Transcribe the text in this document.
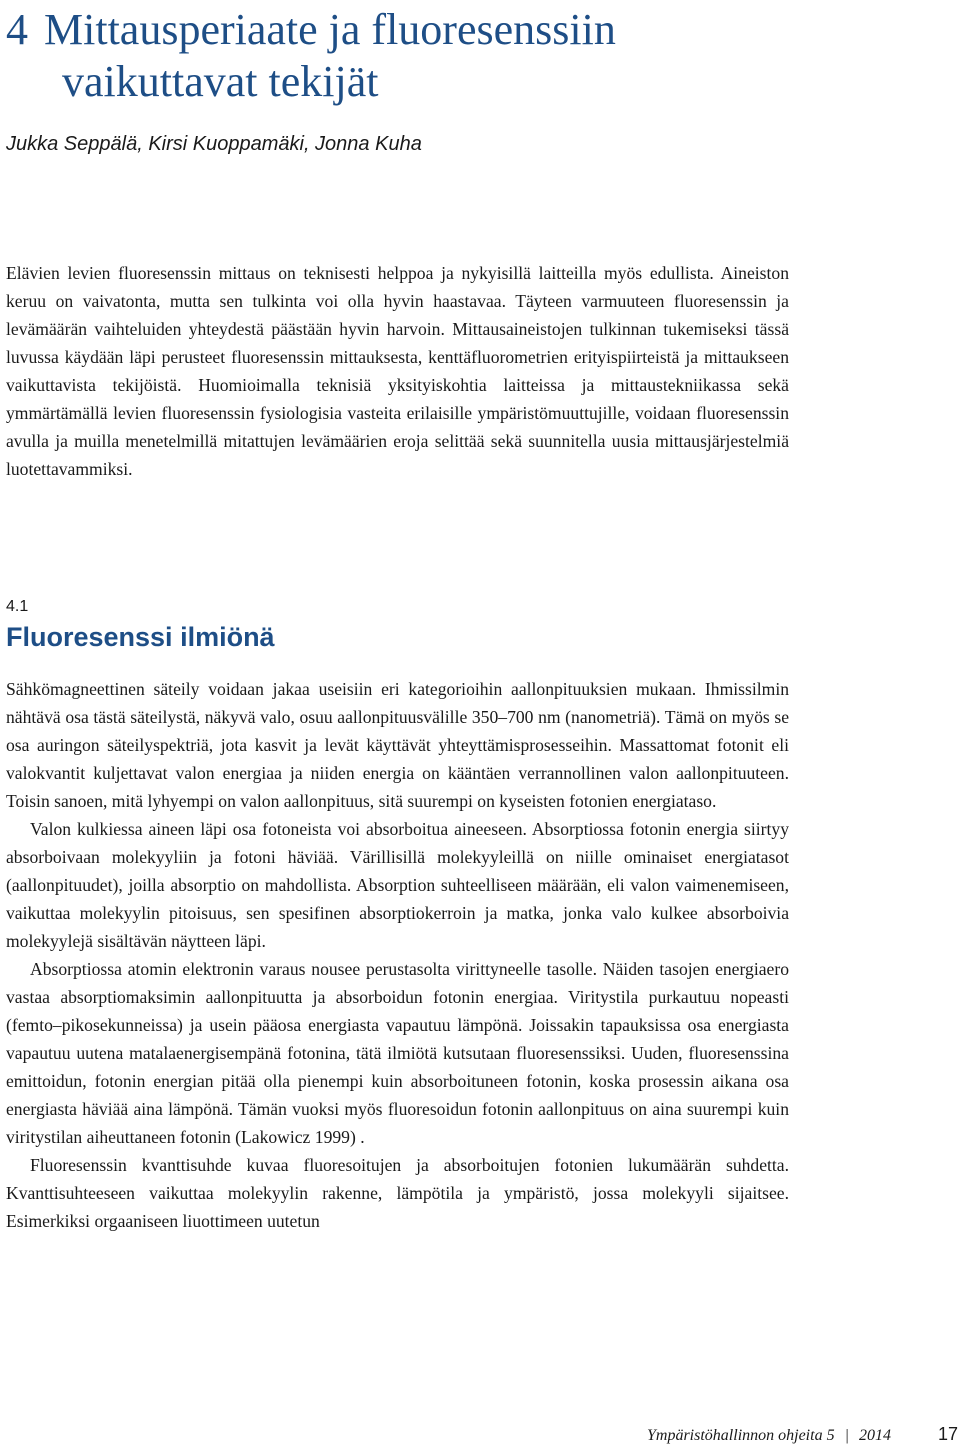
4 Mittausperiaate ja fluoresenssiin
vaikuttavat tekijät
Jukka Seppälä, Kirsi Kuoppamäki, Jonna Kuha

Elävien levien fluoresenssin mittaus on teknisesti helppoa ja nykyisillä laitteilla myös edullista. Aineiston keruu on vaivatonta, mutta sen tulkinta voi olla hyvin haastavaa. Täyteen varmuuteen fluoresenssin ja levämäärän vaihteluiden yhteydestä päästään hyvin harvoin. Mittausaineistojen tulkinnan tukemiseksi tässä luvussa käydään läpi perusteet fluoresenssin mittauksesta, kenttäfluorometrien erityispiirteistä ja mittaukseen vaikuttavista tekijöistä. Huomioimalla teknisiä yksityiskohtia laitteissa ja mittaustekniikassa sekä ymmärtämällä levien fluoresenssin fysiologisia vasteita erilaisille ympäristömuuttujille, voidaan fluoresenssin avulla ja muilla menetelmillä mitattujen levämäärien eroja selittää sekä suunnitella uusia mittausjärjestelmiä luotettavammiksi.

4.1
Fluoresenssi ilmiönä

Sähkömagneettinen säteily voidaan jakaa useisiin eri kategorioihin aallonpituuksien mukaan. Ihmissilmin nähtävä osa tästä säteilystä, näkyvä valo, osuu aallonpituusvälille 350–700 nm (nanometriä). Tämä on myös se osa auringon säteilyspektriä, jota kasvit ja levät käyttävät yhteyttämisprosesseihin. Massattomat fotonit eli valokvantit kuljettavat valon energiaa ja niiden energia on kääntäen verrannollinen valon aallonpituuteen. Toisin sanoen, mitä lyhyempi on valon aallonpituus, sitä suurempi on kyseisten fotonien energiataso.

Valon kulkiessa aineen läpi osa fotoneista voi absorboitua aineeseen. Absorptiossa fotonin energia siirtyy absorboivaan molekyyliin ja fotoni häviää. Värillisillä molekyyleillä on niille ominaiset energiatasot (aallonpituudet), joilla absorptio on mahdollista. Absorption suhteelliseen määrään, eli valon vaimenemiseen, vaikuttaa molekyylin pitoisuus, sen spesifinen absorptiokerroin ja matka, jonka valo kulkee absorboivia molekyylejä sisältävän näytteen läpi.

Absorptiossa atomin elektronin varaus nousee perustasolta virittyneelle tasolle. Näiden tasojen energiaero vastaa absorptiomaksimin aallonpituutta ja absorboidun fotonin energiaa. Viritystila purkautuu nopeasti (femto–pikosekunneissa) ja usein pääosa energiasta vapautuu lämpönä. Joissakin tapauksissa osa energiasta vapautuu uutena matalaenergisempänä fotonina, tätä ilmiötä kutsutaan fluoresenssiksi. Uuden, fluoresenssina emittoidun, fotonin energian pitää olla pienempi kuin absorboituneen fotonin, koska prosessin aikana osa energiasta häviää aina lämpönä. Tämän vuoksi myös fluoresoidun fotonin aallonpituus on aina suurempi kuin viritystilan aiheuttaneen fotonin (Lakowicz 1999) .

Fluoresenssin kvanttisuhde kuvaa fluoresoitujen ja absorboitujen fotonien lukumäärän suhdetta. Kvanttisuhteeseen vaikuttaa molekyylin rakenne, lämpötila ja ympäristö, jossa molekyyli sijaitsee. Esimerkiksi orgaaniseen liuottimeen uutetun

Ympäristöhallinnon ohjeita 5 | 2014	17
